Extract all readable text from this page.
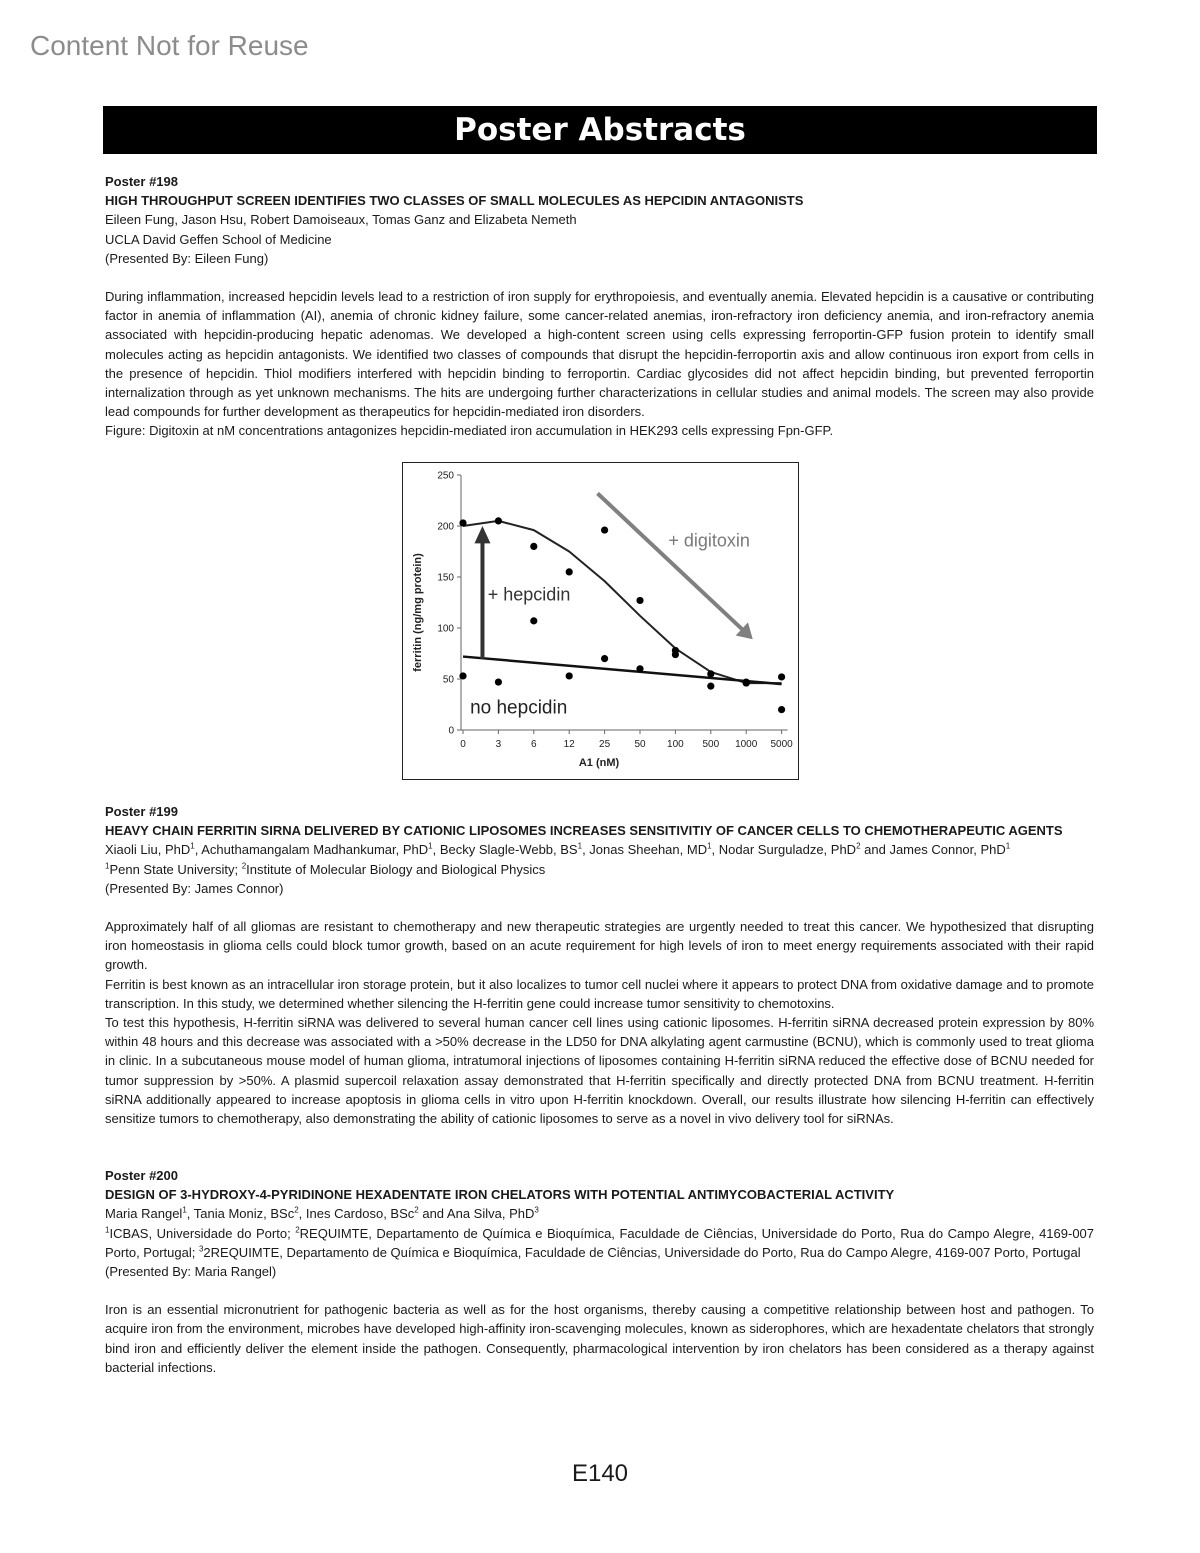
Content Not for Reuse
Poster Abstracts
Poster #198
HIGH THROUGHPUT SCREEN IDENTIFIES TWO CLASSES OF SMALL MOLECULES AS HEPCIDIN ANTAGONISTS
Eileen Fung, Jason Hsu, Robert Damoiseaux, Tomas Ganz and Elizabeta Nemeth
UCLA David Geffen School of Medicine
(Presented By: Eileen Fung)

During inflammation, increased hepcidin levels lead to a restriction of iron supply for erythropoiesis, and eventually anemia. Elevated hepcidin is a causative or contributing factor in anemia of inflammation (AI), anemia of chronic kidney failure, some cancer-related anemias, iron-refractory iron deficiency anemia, and iron-refractory anemia associated with hepcidin-producing hepatic adenomas. We developed a high-content screen using cells expressing ferroportin-GFP fusion protein to identify small molecules acting as hepcidin antagonists. We identified two classes of compounds that disrupt the hepcidin-ferroportin axis and allow continuous iron export from cells in the presence of hepcidin. Thiol modifiers interfered with hepcidin binding to ferroportin. Cardiac glycosides did not affect hepcidin binding, but prevented ferroportin internalization through as yet unknown mechanisms. The hits are undergoing further characterizations in cellular studies and animal models. The screen may also provide lead compounds for further development as therapeutics for hepcidin-mediated iron disorders.

Figure: Digitoxin at nM concentrations antagonizes hepcidin-mediated iron accumulation in HEK293 cells expressing Fpn-GFP.
0
50
100
150
200
250
0	3	6	12 25 50 100 500 1000 5000
A1 (nM)
ferritin (ng/mg protein)	+ hepcidin
+ digitoxin
no hepcidin
Poster #199
HEAVY CHAIN FERRITIN SIRNA DELIVERED BY CATIONIC LIPOSOMES INCREASES SENSITIVITIY OF CANCER CELLS TO CHEMOTHERAPEUTIC AGENTS
Xiaoli Liu, PhD$^1$, Achuthamangalam Madhankumar, PhD$^1$, Becky Slagle-Webb, $BS^1$, Jonas Sheehan, $MD^1$, Nodar Surguladze, PhD$^2$ and James Connor, PhD$^1$
$^1$Penn State University; $^2$Institute of Molecular Biology and Biological Physics
(Presented By: James Connor)

Approximately half of all gliomas are resistant to chemotherapy and new therapeutic strategies are urgently needed to treat this cancer. We hypothesized that disrupting iron homeostasis in glioma cells could block tumor growth, based on an acute requirement for high levels of iron to meet energy requirements associated with their rapid growth.

Ferritin is best known as an intracellular iron storage protein, but it also localizes to tumor cell nuclei where it appears to protect DNA from oxidative damage and to promote transcription. In this study, we determined whether silencing the H-ferritin gene could increase tumor sensitivity to chemotoxins.

To test this hypothesis, H-ferritin siRNA was delivered to several human cancer cell lines using cationic liposomes. H-ferritin siRNA decreased protein expression by 80% within 48 hours and this decrease was associated with a >50% decrease in the LD50 for DNA alkylating agent carmustine (BCNU), which is commonly used to treat glioma in clinic. In a subcutaneous mouse model of human glioma, intratumoral injections of liposomes containing H-ferritin siRNA reduced the effective dose of BCNU needed for tumor suppression by >50%. A plasmid supercoil relaxation assay demonstrated that H-ferritin specifically and directly protected DNA from BCNU treatment. H-ferritin siRNA additionally appeared to increase apoptosis in glioma cells in vitro upon H-ferritin knockdown. Overall, our results illustrate how silencing H-ferritin can effectively sensitize tumors to chemotherapy, also demonstrating the ability of cationic liposomes to serve as a novel in vivo delivery tool for siRNAs.

Poster #200
DESIGN OF 3-HYDROXY-4-PYRIDINONE HEXADENTATE IRON CHELATORS WITH POTENTIAL ANTIMYCOBACTERIAL ACTIVITY
Maria Rangel$^1$, Tania Moniz, BSc$^2$, Ines Cardoso, BSc$^2$ and Ana Silva, PhD$^3$

$^1$ICBAS, Universidade do Porto; $^2$REQUIMTE, Departamento de Química e Bioquímica, Faculdade de Ciências, Universidade do Porto, Rua do Campo Alegre, 4169-007 Porto, Portugal; $^3$2REQUIMTE, Departamento de Química e Bioquímica, Faculdade de Ciências, Universidade do Porto, Rua do Campo Alegre, 4169-007 Porto, Portugal

(Presented By: Maria Rangel)

Iron is an essential micronutrient for pathogenic bacteria as well as for the host organisms, thereby causing a competitive relationship between host and pathogen. To acquire iron from the environment, microbes have developed high-affinity iron-scavenging molecules, known as siderophores, which are hexadentate chelators that strongly bind iron and efficiently deliver the element inside the pathogen. Consequently, pharmacological intervention by iron chelators has been considered as a therapy against bacterial infections.

E140
